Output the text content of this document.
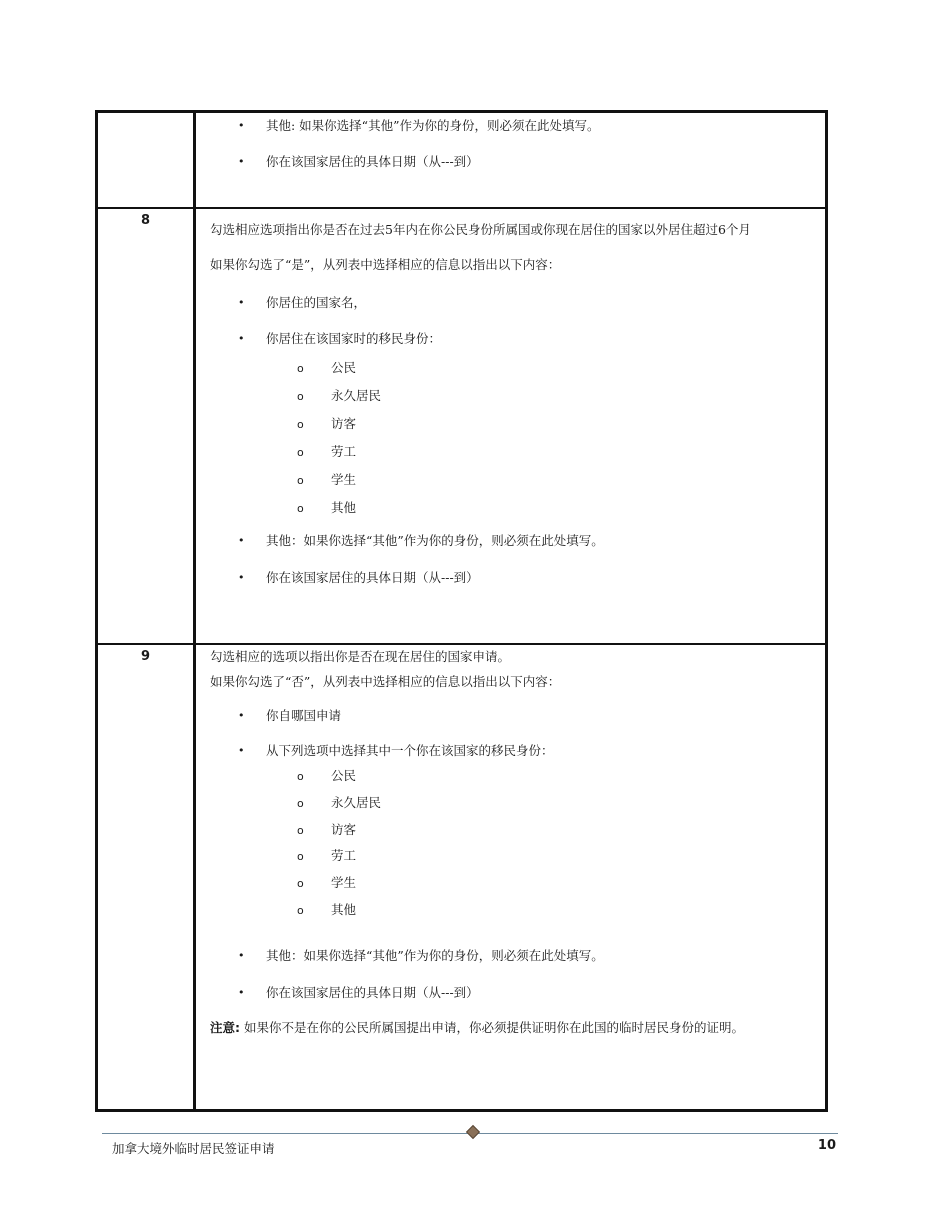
• 其他: 如果你选择“其他”作为你的身份，则必须在此处填写。
• 你在该国家居住的具体日期（从---到）
8
勾选相应选项指出你是否在过去5年内在你公民身份所属国或你现在居住的国家以外居住超过6个月
如果你勾选了“是”，从列表中选择相应的信息以指出以下内容：
• 你居住的国家名，
• 你居住在该国家时的移民身份：
o 公民
o 永久居民
o 访客
o 劳工
o 学生
o 其他
• 其他：如果你选择“其他”作为你的身份，则必须在此处填写。
• 你在该国家居住的具体日期（从---到）
9	勾选相应的选项以指出你是否在现在居住的国家申请。
如果你勾选了“否”，从列表中选择相应的信息以指出以下内容：
• 你自哪国申请
• 从下列选项中选择其中一个你在该国家的移民身份：
o 公民
o 永久居民
o 访客
o 劳工
o 学生
o 其他
• 其他：如果你选择“其他”作为你的身份，则必须在此处填写。
• 你在该国家居住的具体日期（从---到）
注意: 如果你不是在你的公民所属国提出申请，你必须提供证明你在此国的临时居民身份的证明。
加拿大境外临时居民签证申请	10
